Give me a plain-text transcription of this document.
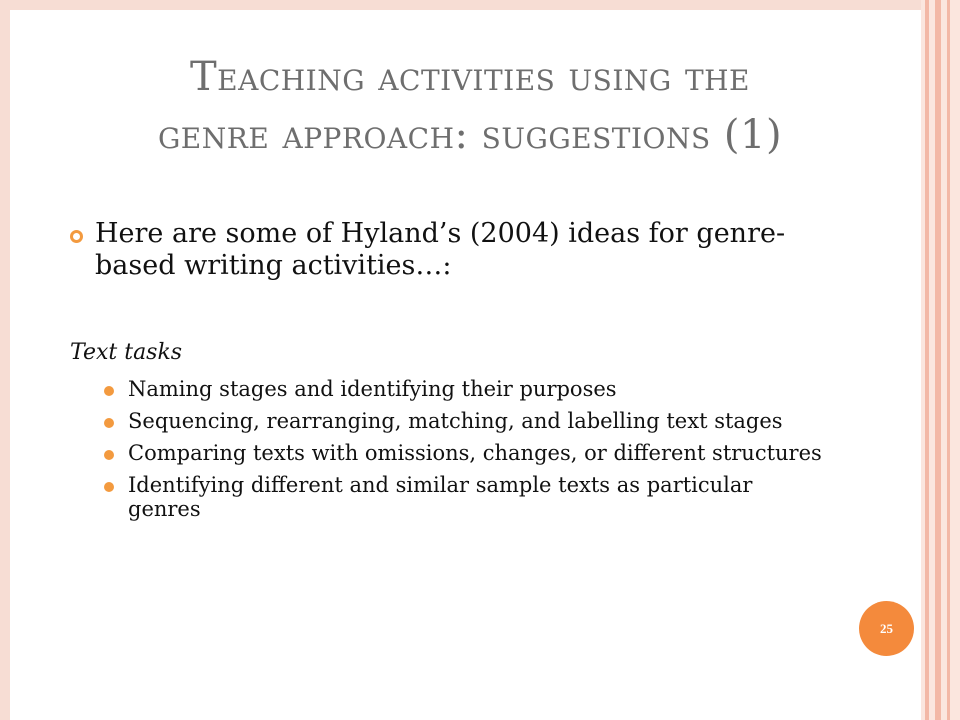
Teaching activities using the
genre approach: suggestions (1)
Here are some of Hyland’s (2004) ideas for genre-based writing activities…:
Text tasks
Naming stages and identifying their purposes
Sequencing, rearranging, matching, and labelling text stages
Comparing texts with omissions, changes, or different structures
Identifying different and similar sample texts as particular genres
25
